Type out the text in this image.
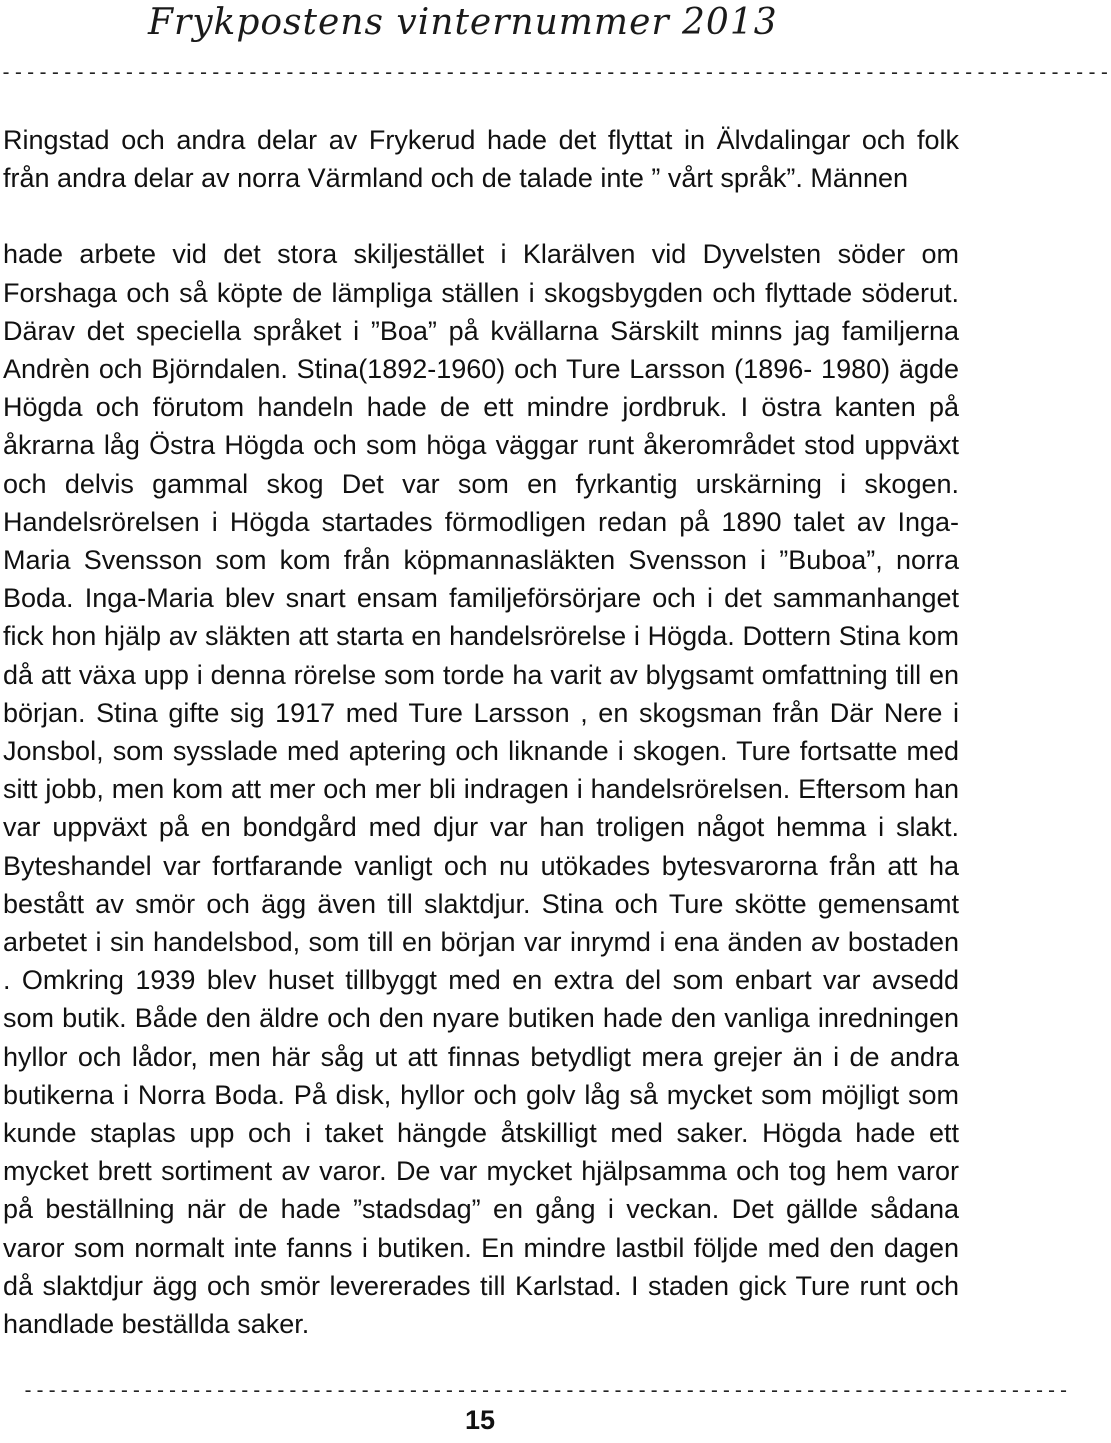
Frykpostens vinternummer 2013
------------------------------------------------------------------------------------------

Ringstad och andra delar av Frykerud hade det flyttat in Älvdalingar och folk från andra delar av norra Värmland och de talade inte ” vårt språk”. Männen

hade arbete vid det stora skiljestället i Klarälven vid Dyvelsten söder om Forshaga och så köpte de lämpliga ställen i skogsbygden och flyttade söderut. Därav det speciella språket i ”Boa” på kvällarna Särskilt minns jag familjerna Andrèn och Björndalen. Stina(1892-1960) och Ture Larsson (1896- 1980) ägde Högda och förutom handeln hade de ett mindre jordbruk. I östra kanten på åkrarna låg Östra Högda och som höga väggar runt åkerområdet stod uppväxt och delvis gammal skog Det var som en fyrkantig urskärning i skogen. Handelsrörelsen i Högda startades förmodligen redan på 1890 talet av Inga-Maria Svensson som kom från köpmannasläkten Svensson i ”Buboa”, norra Boda. Inga-Maria blev snart ensam familjeförsörjare och i det sammanhanget fick hon hjälp av släkten att starta en handelsrörelse i Högda. Dottern Stina kom då att växa upp i denna rörelse som torde ha varit av blygsamt omfattning till en början. Stina gifte sig 1917 med Ture Larsson , en skogsman från Där Nere i Jonsbol, som sysslade med aptering och liknande i skogen. Ture fortsatte med sitt jobb, men kom att mer och mer bli indragen i handelsrörelsen. Eftersom han var uppväxt på en bondgård med djur var han troligen något hemma i slakt. Byteshandel var fortfarande vanligt och nu utökades bytesvarorna från att ha bestått av smör och ägg även till slaktdjur. Stina och Ture skötte gemensamt arbetet i sin handelsbod, som till en början var inrymd i ena änden av bostaden . Omkring 1939 blev huset tillbyggt med en extra del som enbart var avsedd som butik. Både den äldre och den nyare butiken hade den vanliga inredningen hyllor och lådor, men här såg ut att finnas betydligt mera grejer än i de andra butikerna i Norra Boda. På disk, hyllor och golv låg så mycket som möjligt som kunde staplas upp och i taket hängde åtskilligt med saker. Högda hade ett mycket brett sortiment av varor. De var mycket hjälpsamma och tog hem varor på beställning när de hade ”stadsdag” en gång i veckan. Det gällde sådana varor som normalt inte fanns i butiken. En mindre lastbil följde med den dagen då slaktdjur ägg och smör levererades till Karlstad. I staden gick Ture runt och handlade beställda saker.

---------------------------------------------------------------------------------------
15
